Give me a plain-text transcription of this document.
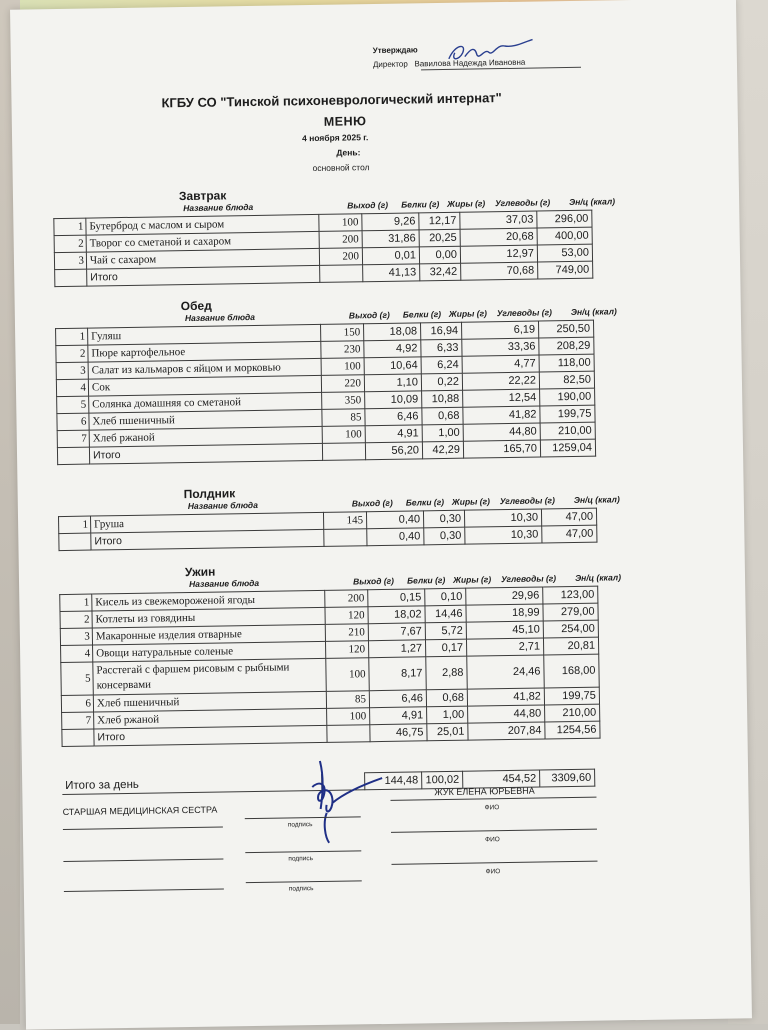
Утверждаю
Директор Вавилова Надежда Ивановна
КГБУ СО "Тинской психоневрологический интернат"
МЕНЮ
4 ноября 2025 г.
День:
основной стол
Завтрак
Название блюда	Выход (г) Белки (г) Жиры (г) Углеводы (г) Эн/ц (ккал)
1	Бутерброд с маслом и сыром	100	9,26	12,17	37,03	296,00
2	Творог со сметаной и сахаром	200	31,86	20,25	20,68	400,00
3	Чай с сахаром	200	0,01	0,00	12,97	53,00
	Итого		41,13	32,42	70,68	749,00
Обед
Название блюда	Выход (г) Белки (г) Жиры (г) Углеводы (г) Эн/ц (ккал)
1	Гуляш	150	18,08	16,94	6,19	250,50
2	Пюре картофельное	230	4,92	6,33	33,36	208,29
3	Салат из кальмаров с яйцом и морковью	100	10,64	6,24	4,77	118,00
4	Сок	220	1,10	0,22	22,22	82,50
5	Солянка домашняя со сметаной	350	10,09	10,88	12,54	190,00
6	Хлеб пшеничный	85	6,46	0,68	41,82	199,75
7	Хлеб ржаной	100	4,91	1,00	44,80	210,00
	Итого		56,20	42,29	165,70	1259,04
Полдник
Название блюда	Выход (г) Белки (г) Жиры (г) Углеводы (г) Эн/ц (ккал)
1	Груша	145	0,40	0,30	10,30	47,00
	Итого		0,40	0,30	10,30	47,00
Ужин
Название блюда	Выход (г) Белки (г) Жиры (г) Углеводы (г) Эн/ц (ккал)
1	Кисель из свежемороженой ягоды	200	0,15	0,10	29,96	123,00
2	Котлеты из говядины	120	18,02	14,46	18,99	279,00
3	Макаронные изделия отварные	210	7,67	5,72	45,10	254,00
4	Овощи натуральные соленые	120	1,27	0,17	2,71	20,81
5	Расстегай с фаршем рисовым с рыбными консервами	100	8,17	2,88	24,46	168,00
6	Хлеб пшеничный	85	6,46	0,68	41,82	199,75
7	Хлеб ржаной	100	4,91	1,00	44,80	210,00
	Итого		46,75	25,01	207,84	1254,56
Итого за день		144,48	100,02	454,52	3309,60
СТАРШАЯ МЕДИЦИНСКАЯ СЕСТРА
подпись
ЖУК ЕЛЕНА ЮРЬЕВНА
ФИО
подпись
ФИО
подпись
ФИО
